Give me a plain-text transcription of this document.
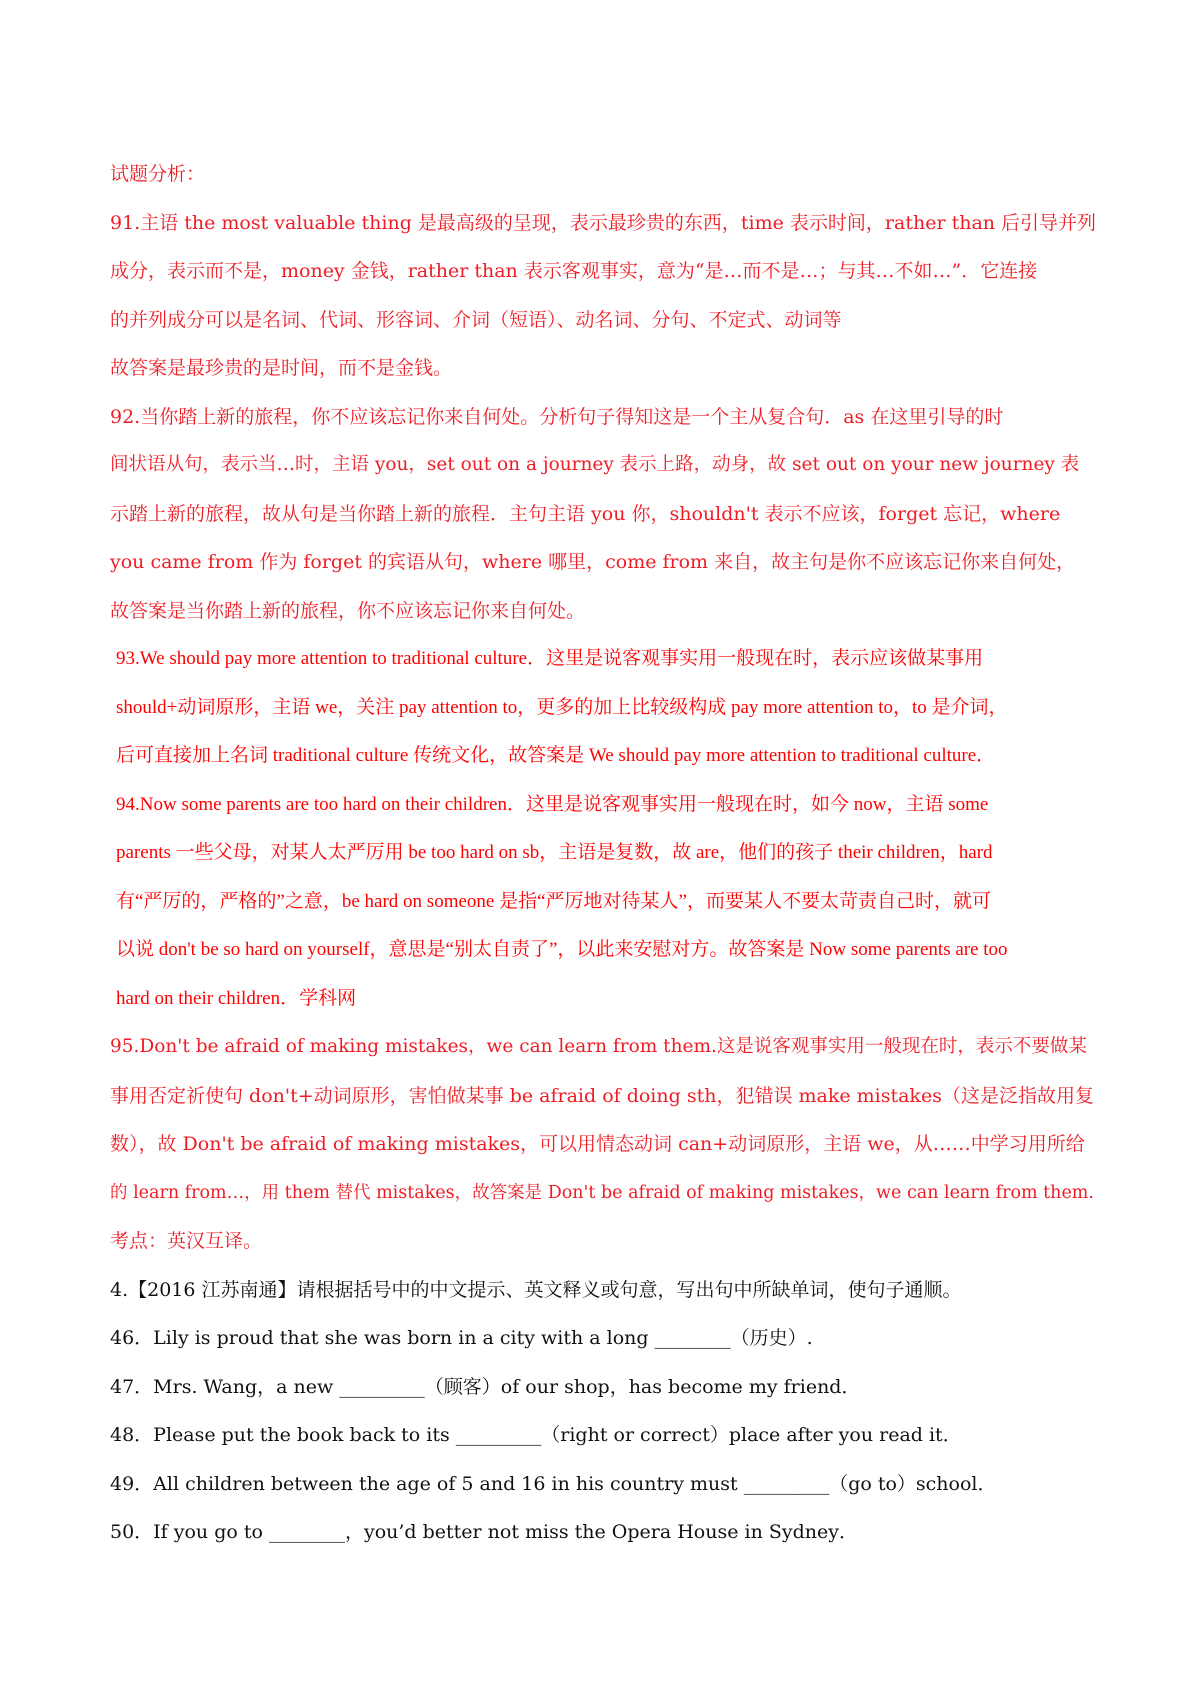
试题分析：
91.主语 the most valuable thing 是最高级的呈现，表示最珍贵的东西，time 表示时间，rather than 后引导并列
成分，表示而不是，money 金钱，rather than 表示客观事实，意为“是…而不是…；与其…不如…”．它连接
的并列成分可以是名词、代词、形容词、介词（短语）、动名词、分句、不定式、动词等
故答案是最珍贵的是时间，而不是金钱。
92.当你踏上新的旅程，你不应该忘记你来自何处。分析句子得知这是一个主从复合句．as 在这里引导的时
间状语从句，表示当…时，主语 you，set out on a journey 表示上路，动身，故 set out on your new journey 表
示踏上新的旅程，故从句是当你踏上新的旅程．主句主语 you 你，shouldn't 表示不应该，forget 忘记，where
you came from 作为 forget 的宾语从句，where 哪里，come from 来自，故主句是你不应该忘记你来自何处，
故答案是当你踏上新的旅程，你不应该忘记你来自何处。
93.We should pay more attention to traditional culture．这里是说客观事实用一般现在时，表示应该做某事用
should+动词原形，主语 we，关注 pay attention to，更多的加上比较级构成 pay more attention to，to 是介词，
后可直接加上名词 traditional culture 传统文化，故答案是 We should pay more attention to traditional culture．
94.Now some parents are too hard on their children．这里是说客观事实用一般现在时，如今 now，主语 some
parents 一些父母，对某人太严厉用 be too hard on sb，主语是复数，故 are，他们的孩子 their children，hard
有“严厉的，严格的”之意，be hard on someone 是指“严厉地对待某人”，而要某人不要太苛责自己时，就可
以说 don't be so hard on yourself，意思是“别太自责了”，以此来安慰对方。故答案是 Now some parents are too
hard on their children．学科网
95.Don't be afraid of making mistakes，we can learn from them.这是说客观事实用一般现在时，表示不要做某
事用否定祈使句 don't+动词原形，害怕做某事 be afraid of doing sth，犯错误 make mistakes（这是泛指故用复
数），故 Don't be afraid of making mistakes，可以用情态动词 can+动词原形，主语 we，从……中学习用所给
的 learn from…，用 them 替代 mistakes，故答案是 Don't be afraid of making mistakes，we can learn from them.
考点：英汉互译。
4.【2016 江苏南通】请根据括号中的中文提示、英文释义或句意，写出句中所缺单词，使句子通顺。
46．Lily is proud that she was born in a city with a long ________（历史）.
47．Mrs. Wang，a new _________（顾客）of our shop，has become my friend．
48．Please put the book back to its _________（right or correct）place after you read it．
49．All children between the age of 5 and 16 in his country must _________（go to）school．
50．If you go to ________，you’d better not miss the Opera House in Sydney．
